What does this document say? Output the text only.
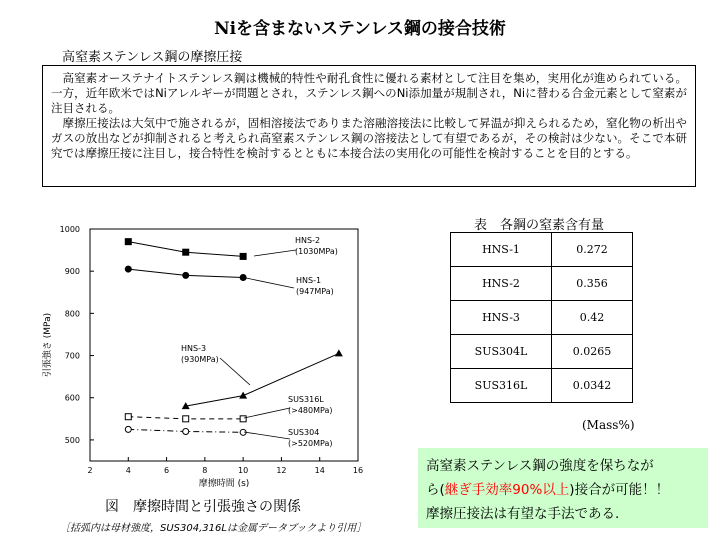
Niを含まないステンレス鋼の接合技術
高窒素ステンレス鋼の摩擦圧接

高窒素オーステナイトステンレス鋼は機械的特性や耐孔食性に優れる素材として注目を集め，実用化が進められている。一方，近年欧米ではNiアレルギーが問題とされ，ステンレス鋼へのNi添加量が規制され，Niに替わる合金元素として窒素が注目される。

摩擦圧接法は大気中で施されるが，固相溶接法でありまた溶融溶接法に比較して昇温が抑えられるため，窒化物の析出やガスの放出などが抑制されると考えられ高窒素ステンレス鋼の溶接法として有望であるが，その検討は少ない。そこで本研究では摩擦圧接に注目し，接合特性を検討するとともに本接合法の実用化の可能性を検討することを目的とする。

500
600
700
800
900
1000
2	4	6	8	10	12	14	16
HNS-2
(1030MPa)
HNS-1
(947MPa)
HNS-3
(930MPa)
SUS316L
(>480MPa)
SUS304
(>520MPa)
摩擦時間 (s)
引張強さ (MPa)
図　摩擦時間と引張強さの関係
［括弧内は母材強度，SUS304,316Lは金属データブックより引用］
表　各鋼の窒素含有量
HNS-1	0.272
HNS-2	0.356
HNS-3	0.42
SUS304L	0.0265
SUS316L	0.0342
(Mass%)
高窒素ステンレス鋼の強度を保ちなが
ら(継ぎ手効率90%以上)接合が可能！！
摩擦圧接法は有望な手法である.
